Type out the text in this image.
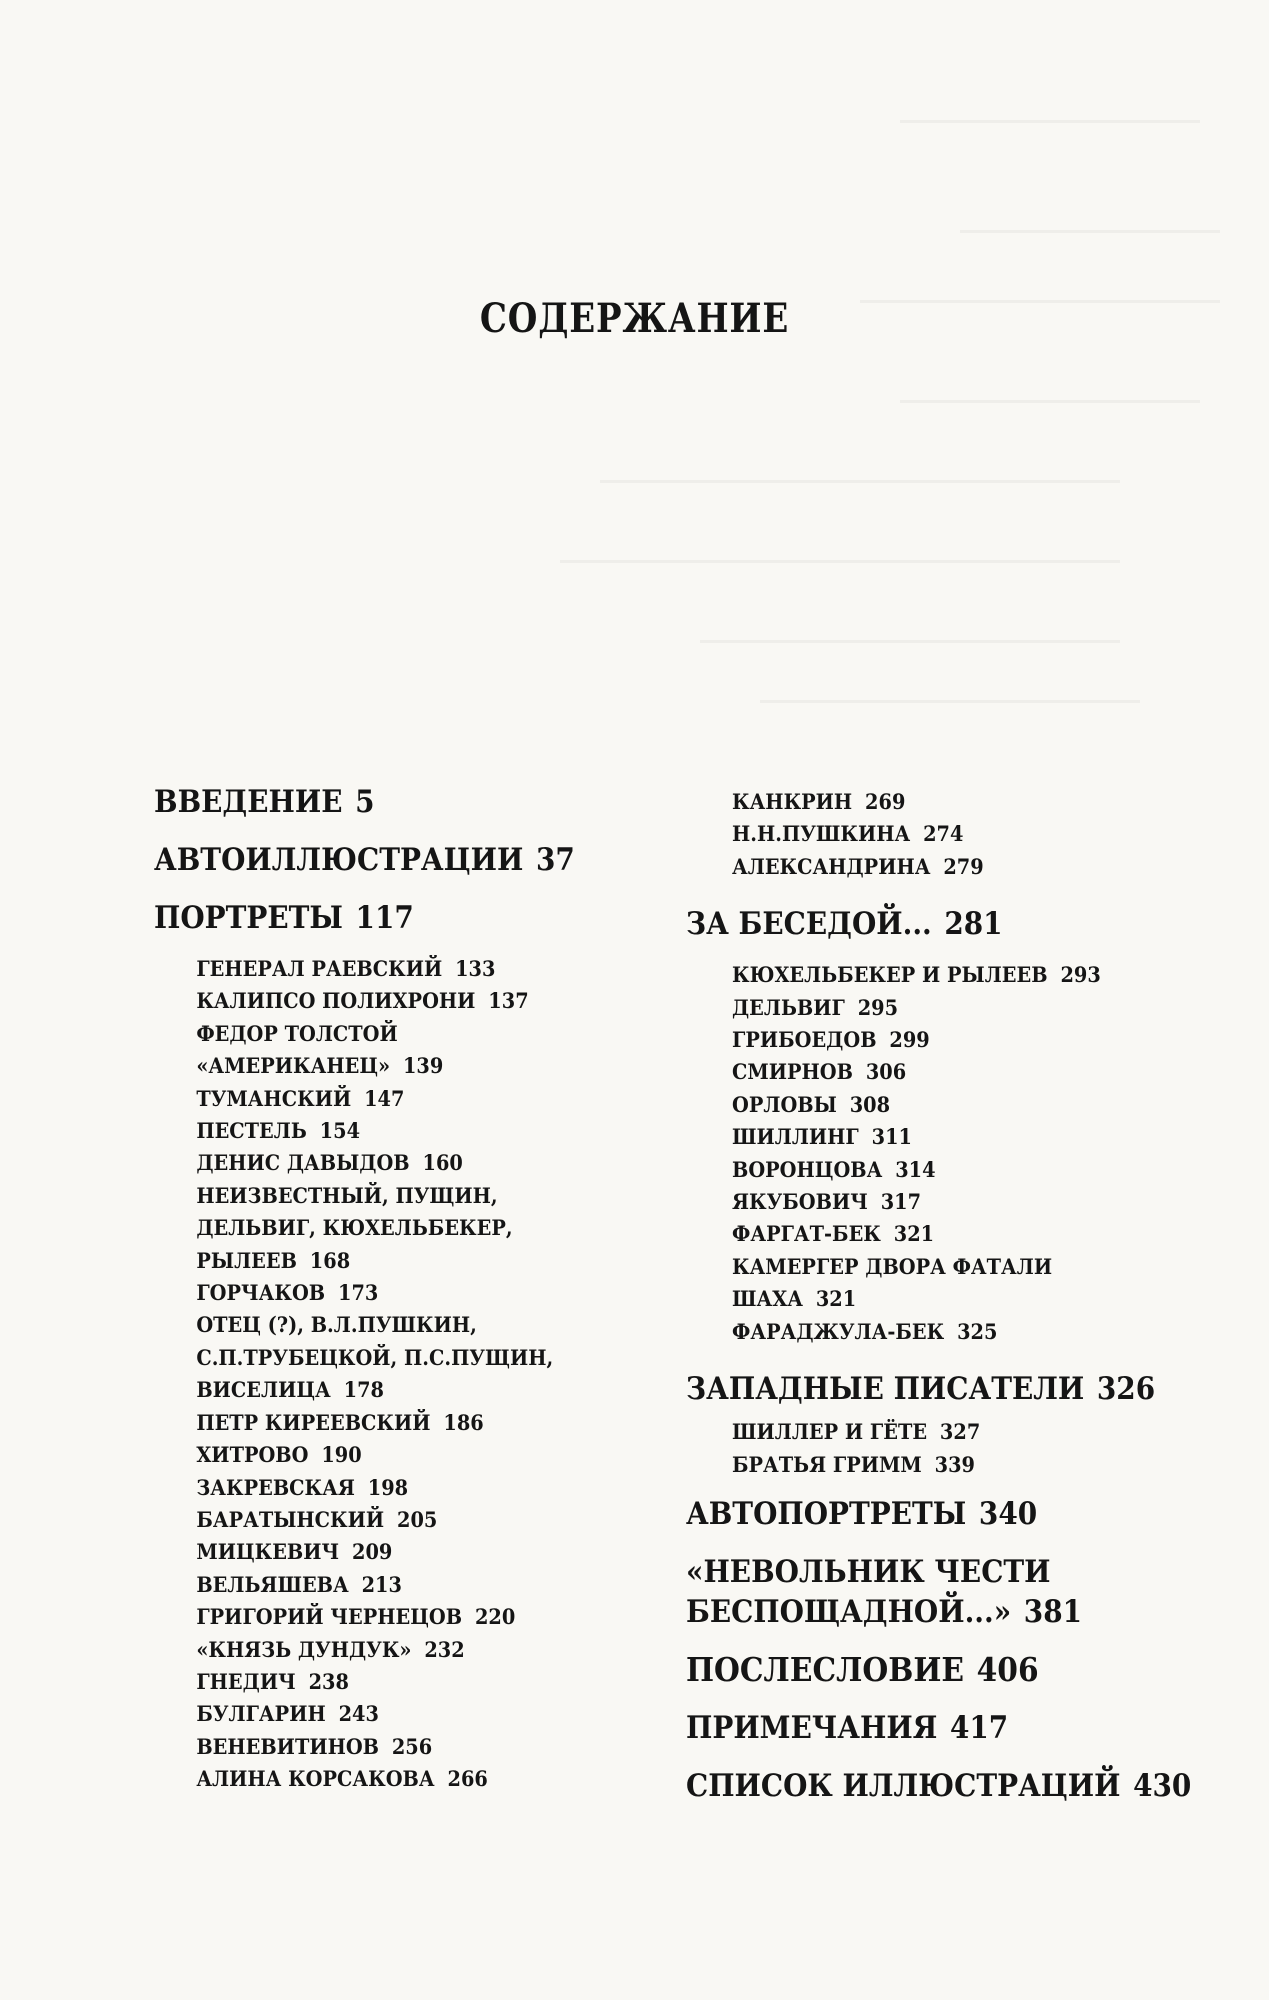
СОДЕРЖАНИЕ
ВВЕДЕНИЕ 5
АВТОИЛЛЮСТРАЦИИ 37
ПОРТРЕТЫ 117
ГЕНЕРАЛ РАЕВСКИЙ 133
КАЛИПСО ПОЛИХРОНИ 137
ФЕДОР ТОЛСТОЙ
«АМЕРИКАНЕЦ» 139
ТУМАНСКИЙ 147
ПЕСТЕЛЬ 154
ДЕНИС ДАВЫДОВ 160
НЕИЗВЕСТНЫЙ, ПУЩИН,
ДЕЛЬВИГ, КЮХЕЛЬБЕКЕР,
РЫЛЕЕВ 168
ГОРЧАКОВ 173
ОТЕЦ (?), В.Л.ПУШКИН,
С.П.ТРУБЕЦКОЙ, П.С.ПУЩИН,
ВИСЕЛИЦА 178
ПЕТР КИРЕЕВСКИЙ 186
ХИТРОВО 190
ЗАКРЕВСКАЯ 198
БАРАТЫНСКИЙ 205
МИЦКЕВИЧ 209
ВЕЛЬЯШЕВА 213
ГРИГОРИЙ ЧЕРНЕЦОВ 220
«КНЯЗЬ ДУНДУК» 232
ГНЕДИЧ 238
БУЛГАРИН 243
ВЕНЕВИТИНОВ 256
АЛИНА КОРСАКОВА 266
КАНКРИН 269
Н.Н.ПУШКИНА 274
АЛЕКСАНДРИНА 279
ЗА БЕСЕДОЙ... 281
КЮХЕЛЬБЕКЕР И РЫЛЕЕВ 293
ДЕЛЬВИГ 295
ГРИБОЕДОВ 299
СМИРНОВ 306
ОРЛОВЫ 308
ШИЛЛИНГ 311
ВОРОНЦОВА 314
ЯКУБОВИЧ 317
ФАРГАТ-БЕК 321
КАМЕРГЕР ДВОРА ФАТАЛИ
ШАХА 321
ФАРАДЖУЛА-БЕК 325
ЗАПАДНЫЕ ПИСАТЕЛИ 326
ШИЛЛЕР И ГЁТЕ 327
БРАТЬЯ ГРИММ 339
АВТОПОРТРЕТЫ 340
«НЕВОЛЬНИК ЧЕСТИ
БЕСПОЩАДНОЙ...» 381
ПОСЛЕСЛОВИЕ 406
ПРИМЕЧАНИЯ 417
СПИСОК ИЛЛЮСТРАЦИЙ 430
